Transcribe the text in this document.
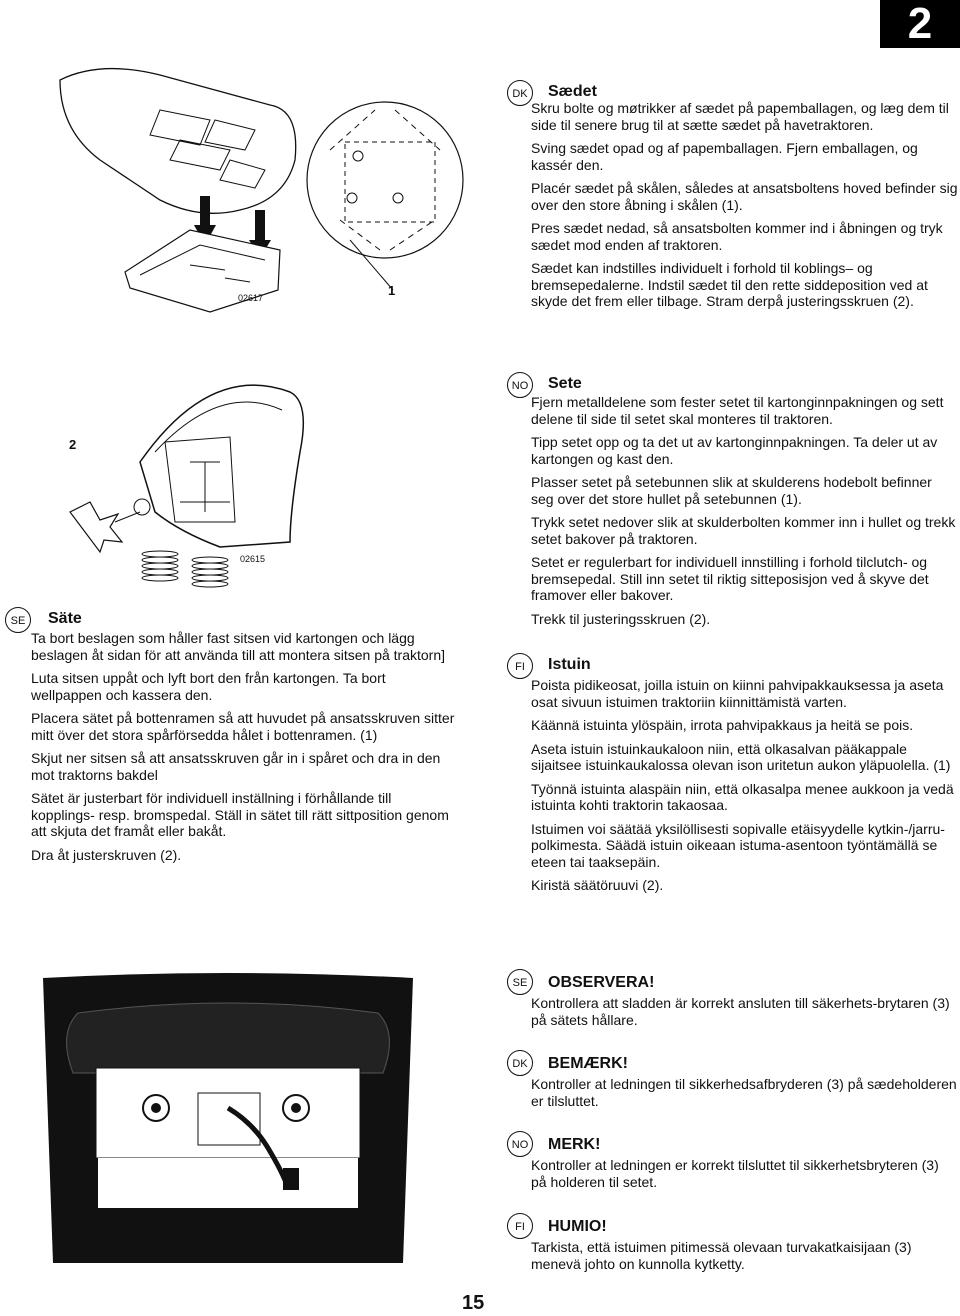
2
1
02617
2
02615
3
DK	Sædet

Skru bolte og møtrikker af sædet på papemballagen, og læg dem til side til senere brug til at sætte sædet på havetraktoren.

Sving sædet opad og af papemballagen. Fjern emballagen, og kassér den.

Placér sædet på skålen, således at ansatsboltens hoved befinder sig over den store åbning i skålen (1).

Pres sædet nedad, så ansatsbolten kommer ind i åbningen og tryk sædet mod enden af traktoren.

Sædet kan indstilles individuelt i forhold til koblings– og bremsepedalerne. Indstil sædet til den rette siddeposition ved at skyde det frem eller tilbage. Stram derpå justeringsskruen (2).

NO Sete

Fjern metalldelene som fester setet til kartonginnpakningen og sett delene til side til setet skal monteres til traktoren.

Tipp setet opp og ta det ut av kartonginnpakningen. Ta deler ut av kartongen og kast den.

Plasser setet på setebunnen slik at skulderens hodebolt befinner seg over det store hullet på setebunnen (1).

Trykk setet nedover slik at skulderbolten kommer inn i hullet og trekk setet bakover på traktoren.

Setet er regulerbart for individuell innstilling i forhold tilclutch- og bremsepedal. Still inn setet til riktig sitteposisjon ved å skyve det framover eller bakover.

Trekk til justeringsskruen (2).

SE	Säte

Ta bort beslagen som håller fast sitsen vid kartongen och lägg beslagen åt sidan för att använda till att montera sitsen på traktorn]

Luta sitsen uppåt och lyft bort den från kartongen. Ta bort wellpappen och kassera den.

Placera sätet på bottenramen så att huvudet på ansatsskruven sitter mitt över det stora spårförsedda hålet i bottenramen. (1)

Skjut ner sitsen så att ansatsskruven går in i spåret och dra in den mot traktorns bakdel

Sätet är justerbart för individuell inställning i förhållande till kopplings- resp. bromspedal. Ställ in sätet till rätt sittposition genom att skjuta det framåt eller bakåt.

Dra åt justerskruven (2).

FI	Istuin

Poista pidikeosat, joilla istuin on kiinni pahvipakkauksessa ja aseta osat sivuun istuimen traktoriin kiinnittämistä varten.

Käännä istuinta ylöspäin, irrota pahvipakkaus ja heitä se pois.

Aseta istuin istuinkaukaloon niin, että olkasalvan pääkappale sijaitsee istuinkaukalossa olevan ison uritetun aukon yläpuolella. (1)

Työnnä istuinta alaspäin niin, että olkasalpa menee aukkoon ja vedä istuinta kohti traktorin takaosaa.

Istuimen voi säätää yksilöllisesti sopivalle etäisyydelle kytkin-/jarru-polkimesta. Säädä istuin oikeaan istuma-asentoon työntämällä se eteen tai taaksepäin.

Kiristä säätöruuvi (2).

SE	OBSERVERA!

Kontrollera att sladden är korrekt ansluten till säkerhets-brytaren (3) på sätets hållare.

DK	BEMÆRK!

Kontroller at ledningen til sikkerhedsafbryderen (3) på sædeholderen er tilsluttet.

NO MERK!

Kontroller at ledningen er korrekt tilsluttet til sikkerhetsbryteren (3) på holderen til setet.

FI	HUMIO!

Tarkista, että istuimen pitimessä olevaan turvakatkaisijaan (3) menevä johto on kunnolla kytketty.

15
